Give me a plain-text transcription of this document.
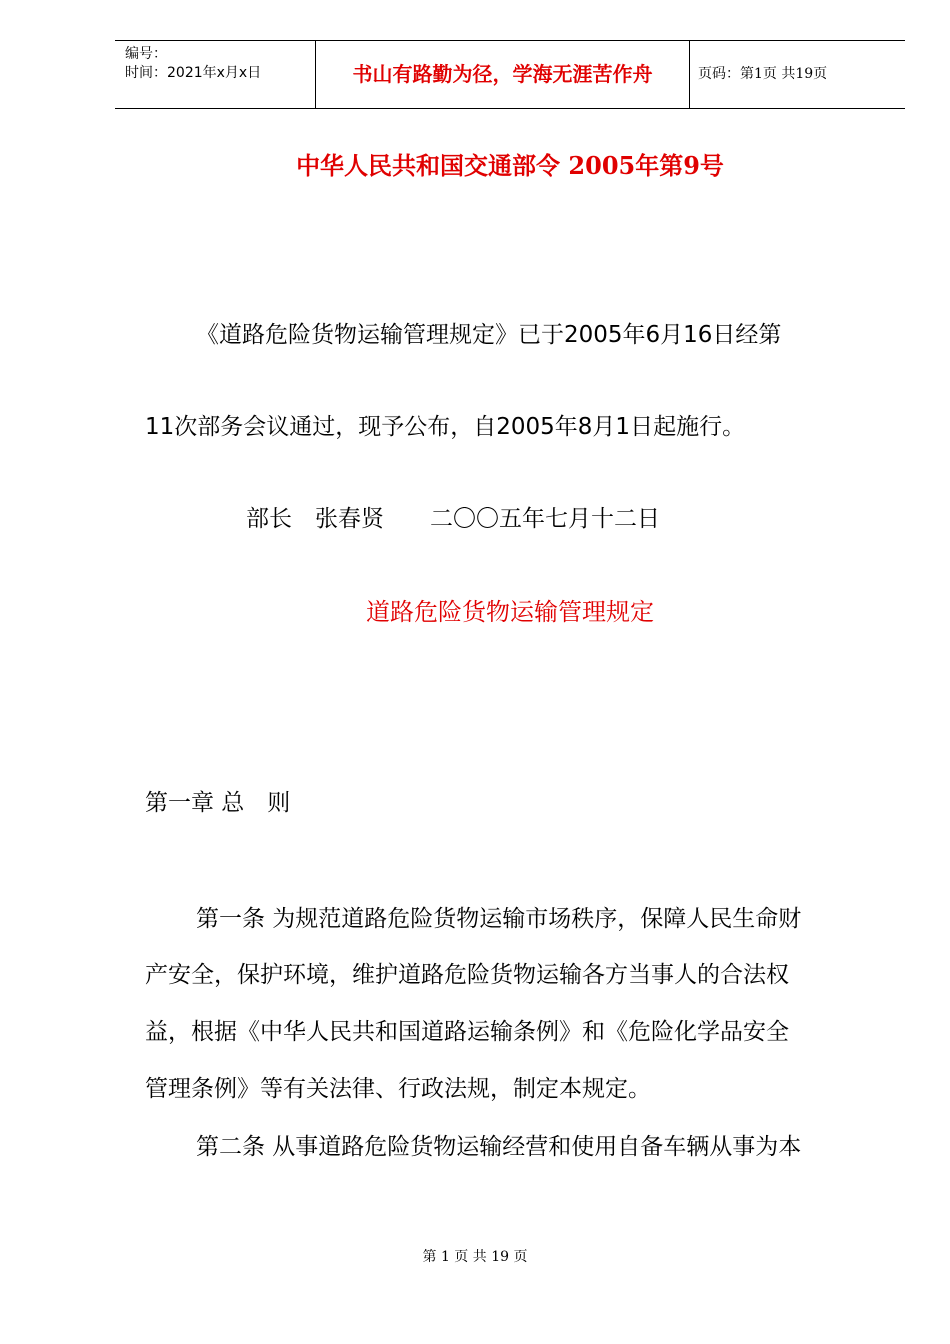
编号：
时间：2021年x月x日	书山有路勤为径，学海无涯苦作舟	页码：第1页 共19页
中华人民共和国交通部令 2005年第9号
《道路危险货物运输管理规定》已于2005年6月16日经第
11次部务会议通过，现予公布，自2005年8月1日起施行。
部长　张春贤　　二〇〇五年七月十二日
道路危险货物运输管理规定
第一章 总　则
第一条 为规范道路危险货物运输市场秩序，保障人民生命财
产安全，保护环境，维护道路危险货物运输各方当事人的合法权
益，根据《中华人民共和国道路运输条例》和《危险化学品安全
管理条例》等有关法律、行政法规，制定本规定。
第二条 从事道路危险货物运输经营和使用自备车辆从事为本
第 1 页 共 19 页
